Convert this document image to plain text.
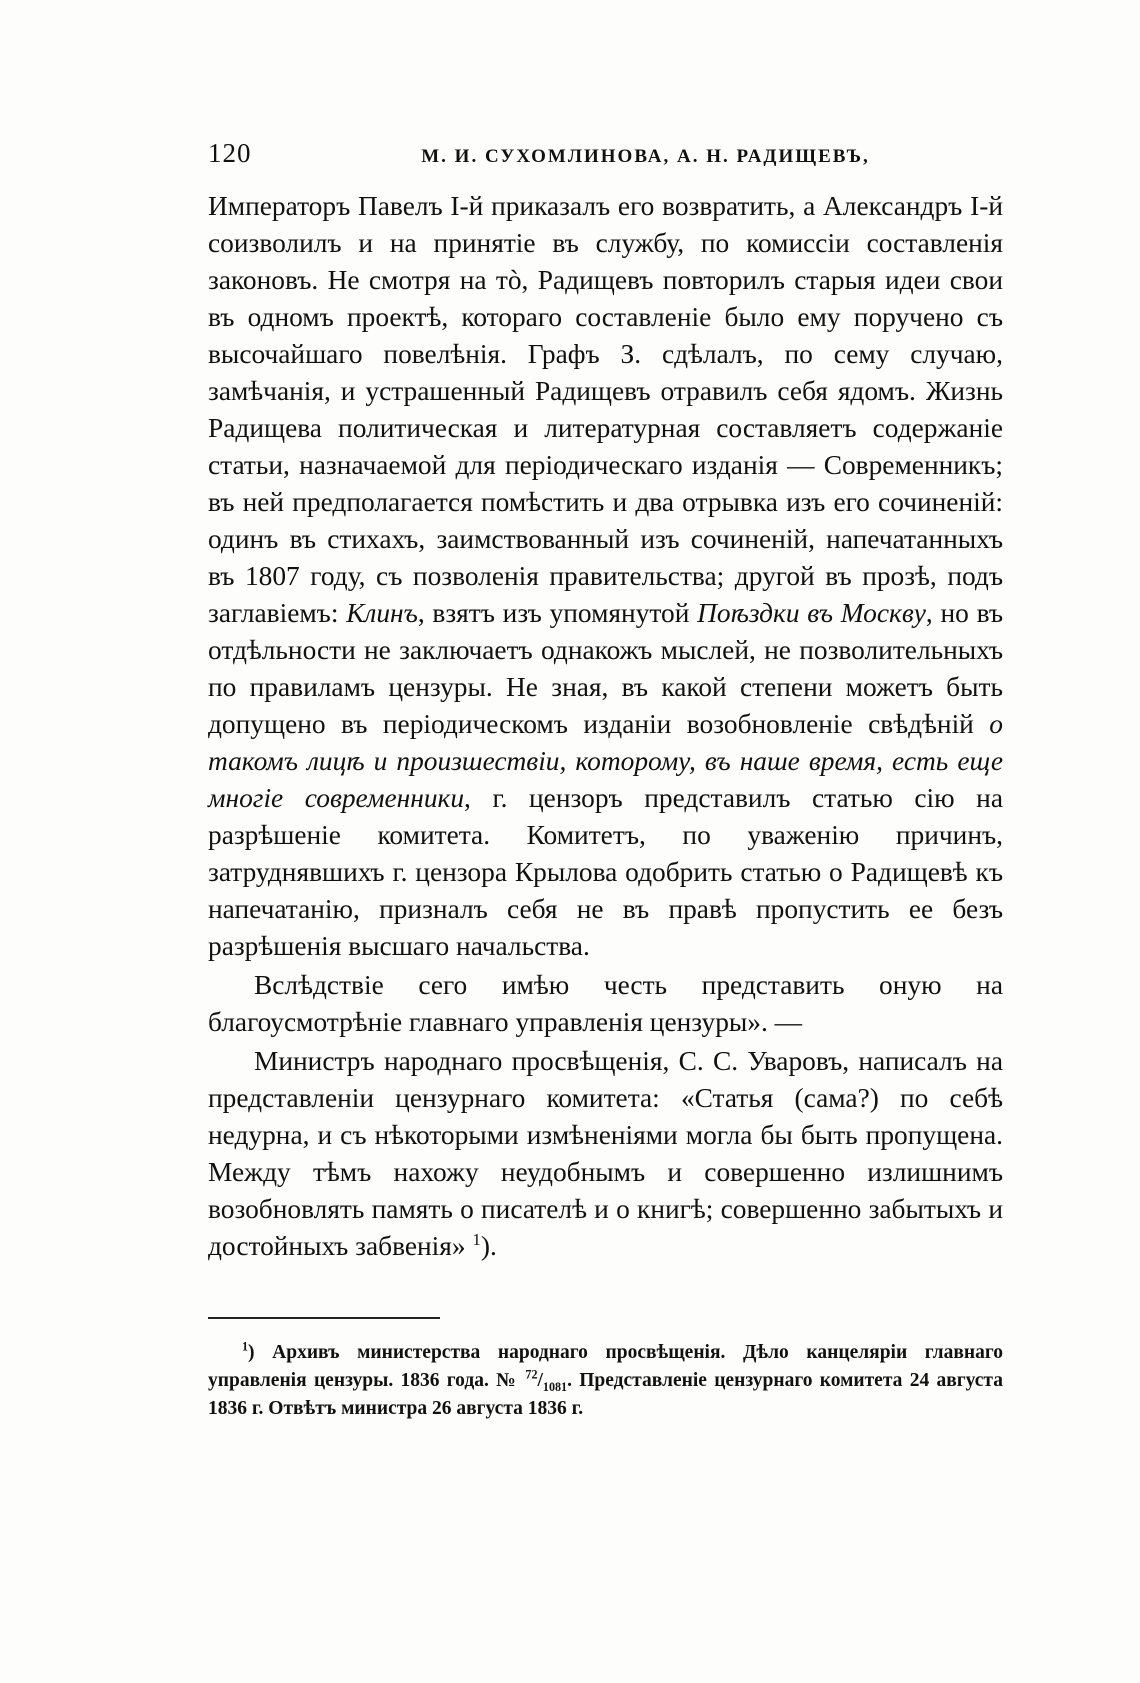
120	М. И. СУХОМЛИНОВА, А. Н. РАДИЩЕВЪ,

Императоръ Павелъ I-й приказалъ его возвратить, а Александръ I-й соизволилъ и на принятіе въ службу, по комиссіи составленія законовъ. Не смотря на тò, Радищевъ повторилъ старыя идеи свои въ одномъ проектѣ, котораго составленіе было ему поручено съ высочайшаго повелѣнія. Графъ З. сдѣлалъ, по сему случаю, замѣчанія, и устрашенный Радищевъ отравилъ себя ядомъ. Жизнь Радищева политическая и литературная составляетъ содержаніе статьи, назначаемой для періодическаго изданія — Современникъ; въ ней предполагается помѣстить и два отрывка изъ его сочиненій: одинъ въ стихахъ, заимствованный изъ сочиненій, напечатанныхъ въ 1807 году, съ позволенія правительства; другой въ прозѣ, подъ заглавіемъ: Клинъ, взятъ изъ упомянутой Поѣздки въ Москву, но въ отдѣльности не заключаетъ однакожъ мыслей, не позволительныхъ по правиламъ цензуры. Не зная, въ какой степени можетъ быть допущено въ періодическомъ изданіи возобновленіе свѣдѣній о такомъ лицѣ и произшествіи, которому, въ наше время, есть еще многіе современники, г. цензоръ представилъ статью сію на разрѣшеніе комитета. Комитетъ, по уваженію причинъ, затруднявшихъ г. цензора Крылова одобрить статью о Радищевѣ къ напечатанію, призналъ себя не въ правѣ пропустить ее безъ разрѣшенія высшаго начальства.

Вслѣдствіе сего имѣю честь представить оную на благоусмотрѣніе главнаго управленія цензуры». —

Министръ народнаго просвѣщенія, С. С. Уваровъ, написалъ на представленіи цензурнаго комитета: «Статья (сама?) по себѣ недурна, и съ нѣкоторыми измѣненіями могла бы быть пропущена. Между тѣмъ нахожу неудобнымъ и совершенно излишнимъ возобновлять память о писателѣ и о книгѣ; совершенно забытыхъ и достойныхъ забвенія» $^1$).

$^1$) Архивъ министерства народнаго просвѣщенія. Дѣло канцеляріи главнаго управленія цензуры. 1836 года. № $^{72}/_{1081}$. Представленіе цензурнаго комитета 24 августа 1836 г. Отвѣтъ министра 26 августа 1836 г.
